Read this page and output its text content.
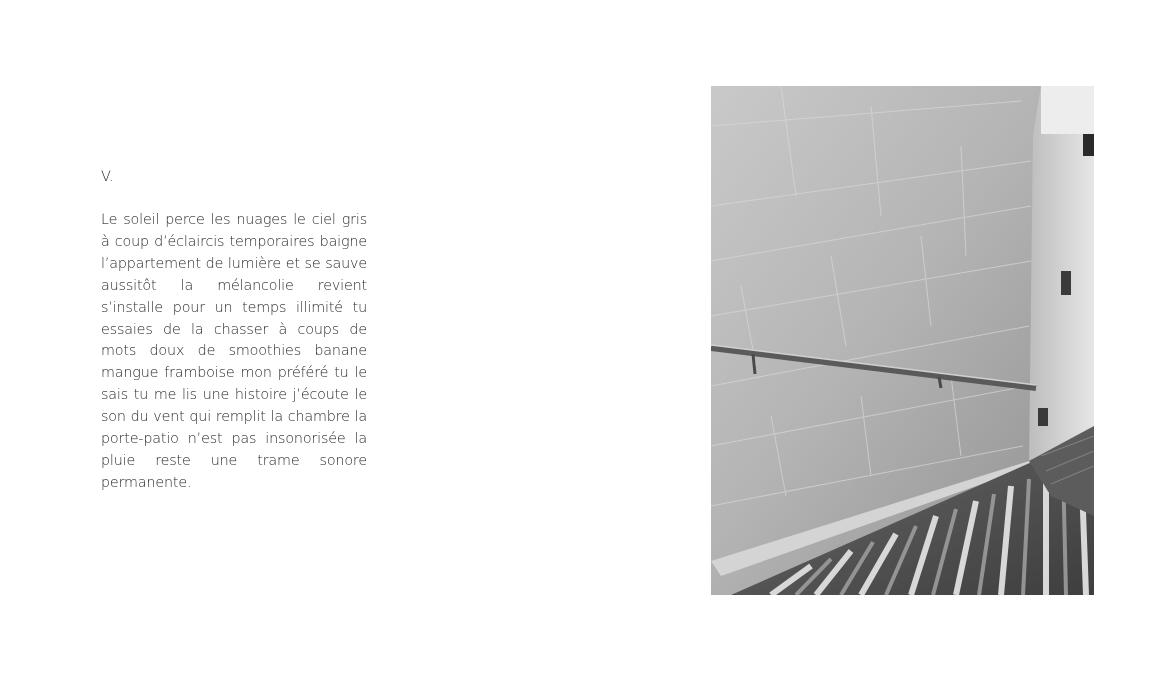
V.

Le soleil perce les nuages le ciel gris à coup d’éclaircis temporaires baigne l’appartement de lumière et se sauve aussitôt la mélancolie revient s’installe pour un temps illimité tu essaies de la chasser à coups de mots doux de smoothies banane mangue framboise mon préféré tu le sais tu me lis une histoire j’écoute le son du vent qui remplit la chambre la porte-patio n’est pas insonorisée la pluie reste une trame sonore permanente.
